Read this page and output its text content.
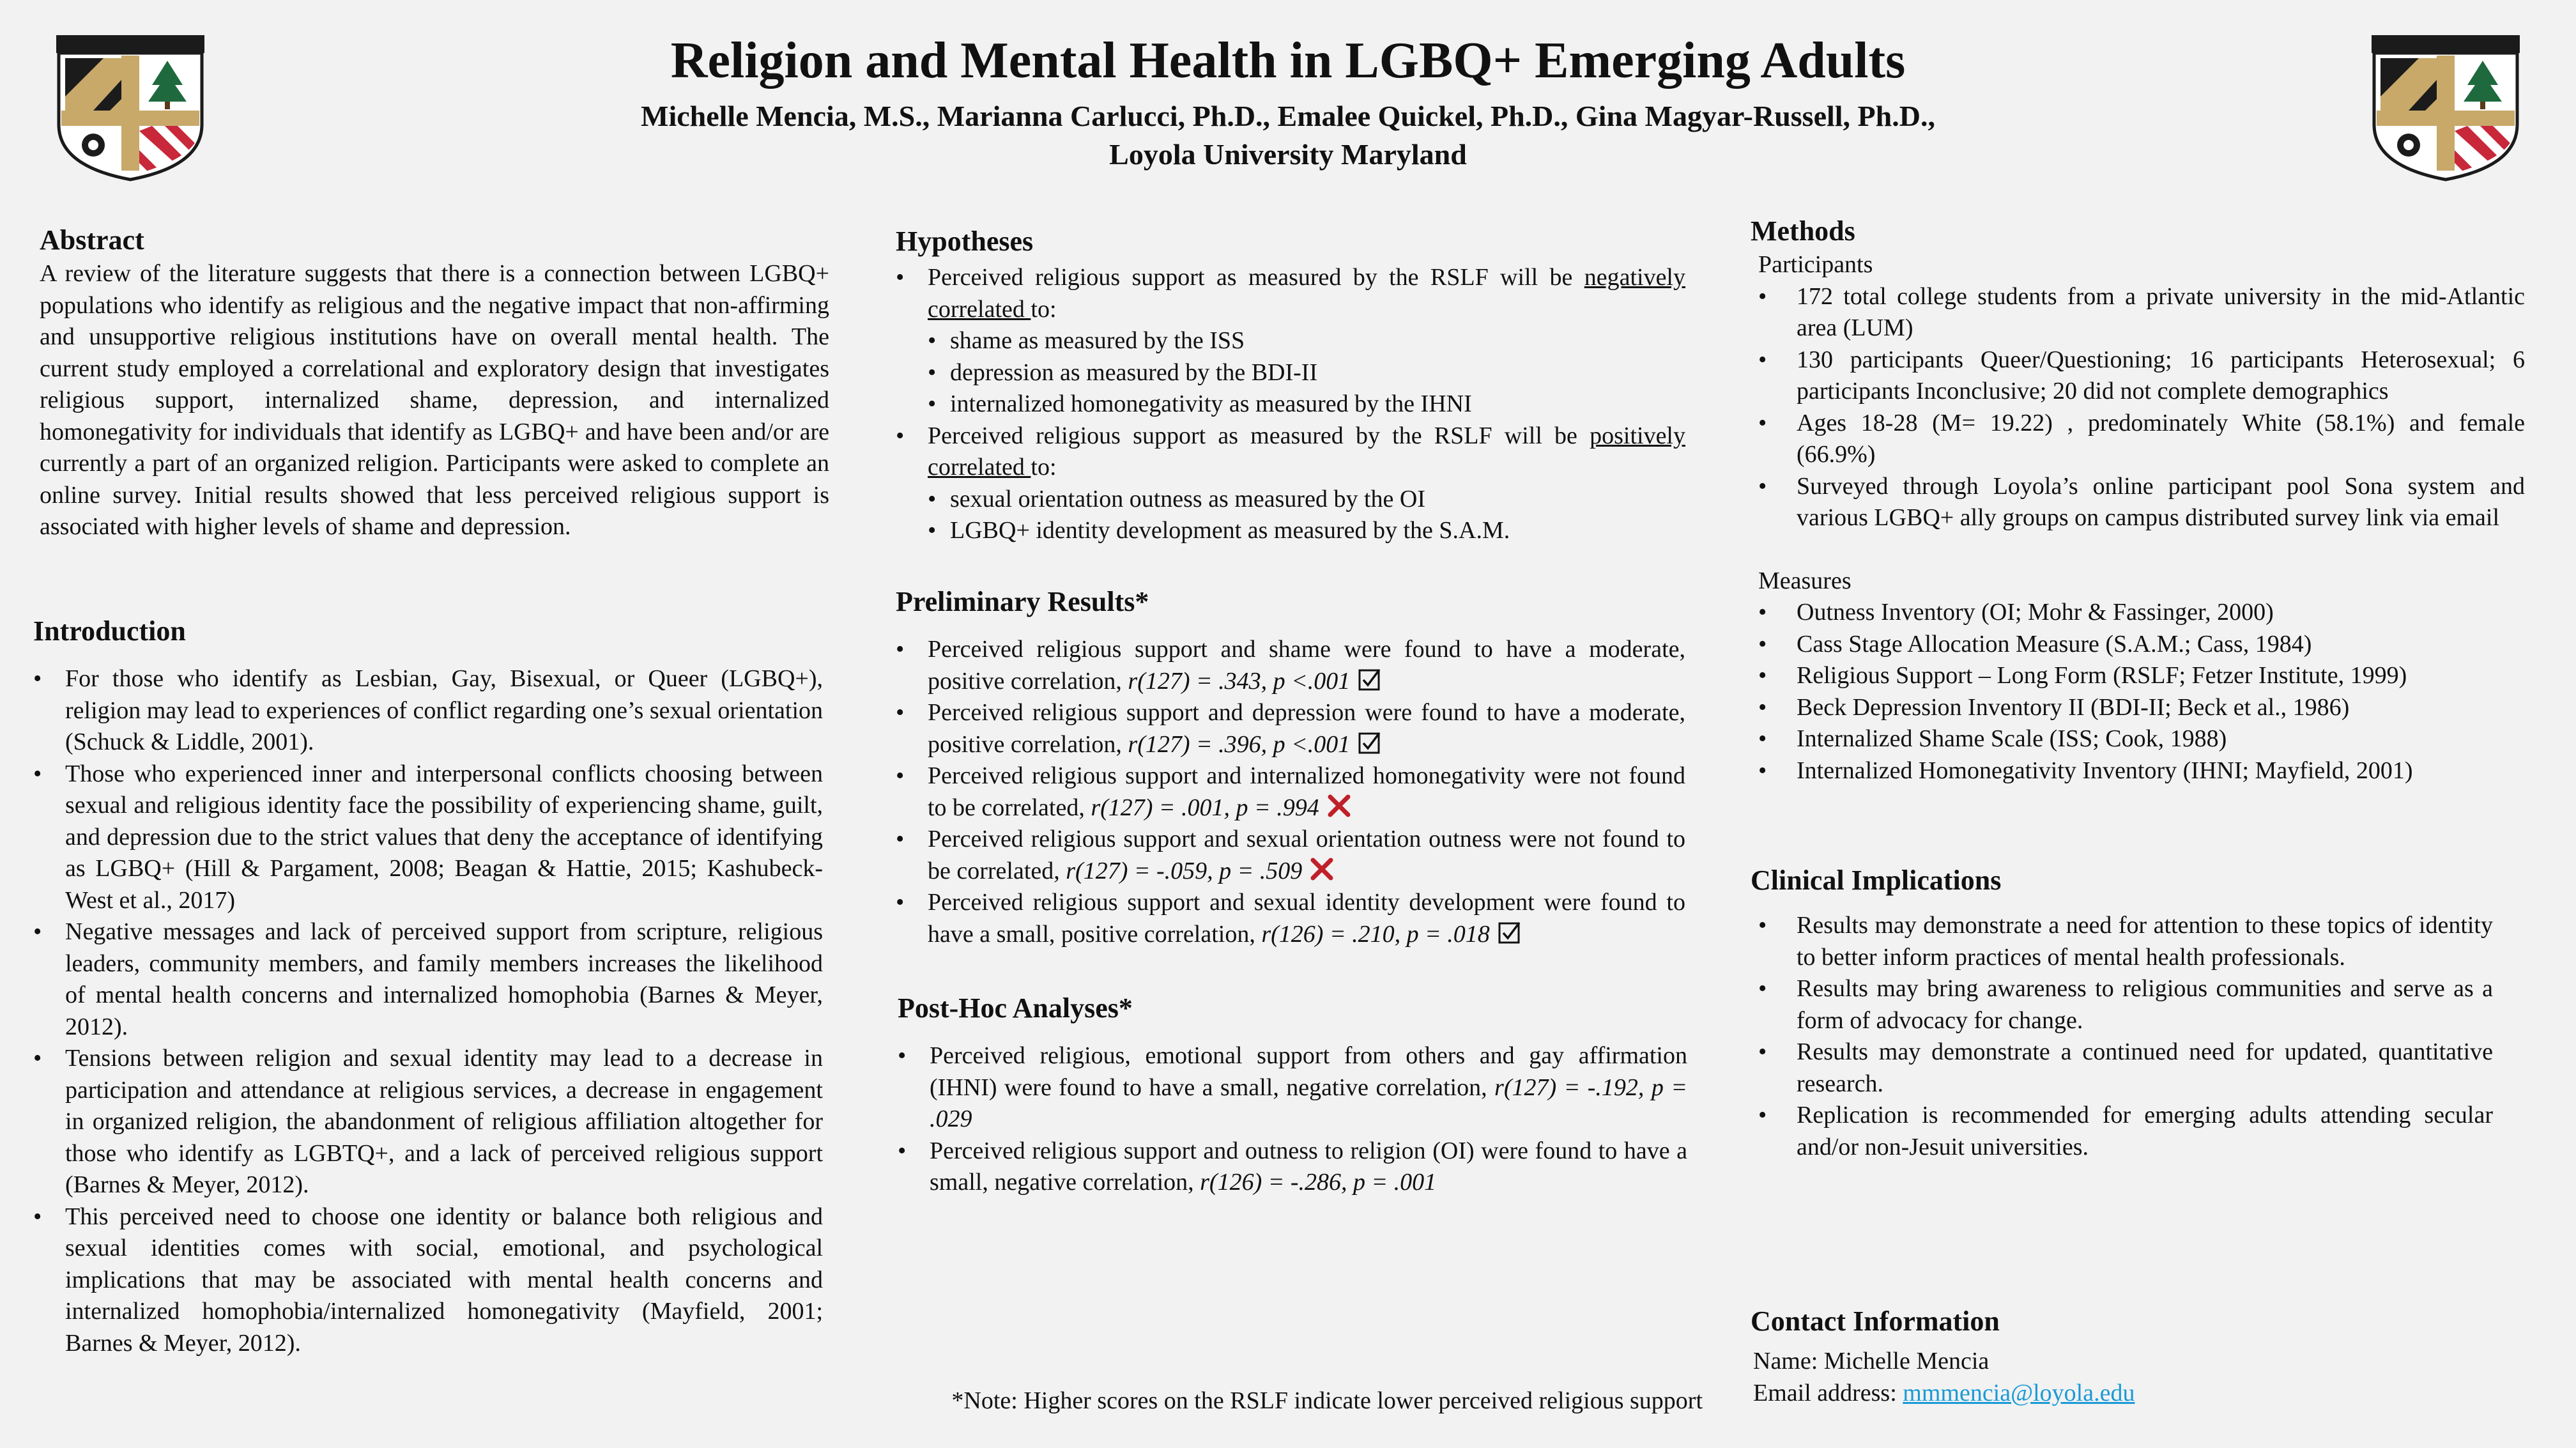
Religion and Mental Health in LGBQ+ Emerging Adults
Michelle Mencia, M.S., Marianna Carlucci, Ph.D., Emalee Quickel, Ph.D., Gina Magyar-Russell, Ph.D.,
Loyola University Maryland
Abstract
A review of the literature suggests that there is a connection between LGBQ+ populations who identify as religious and the negative impact that non-affirming and unsupportive religious institutions have on overall mental health. The current study employed a correlational and exploratory design that investigates religious support, internalized shame, depression, and internalized homonegativity for individuals that identify as LGBQ+ and have been and/or are currently a part of an organized religion. Participants were asked to complete an online survey. Initial results showed that less perceived religious support is associated with higher levels of shame and depression.
Introduction
• For those who identify as Lesbian, Gay, Bisexual, or Queer (LGBQ+), religion may lead to experiences of conflict regarding one’s sexual orientation (Schuck & Liddle, 2001).
• Those who experienced inner and interpersonal conflicts choosing between sexual and religious identity face the possibility of experiencing shame, guilt, and depression due to the strict values that deny the acceptance of identifying as LGBQ+ (Hill & Pargament, 2008; Beagan & Hattie, 2015; Kashubeck-West et al., 2017)
• Negative messages and lack of perceived support from scripture, religious leaders, community members, and family members increases the likelihood of mental health concerns and internalized homophobia (Barnes & Meyer, 2012).
• Tensions between religion and sexual identity may lead to a decrease in participation and attendance at religious services, a decrease in engagement in organized religion, the abandonment of religious affiliation altogether for those who identify as LGBTQ+, and a lack of perceived religious support (Barnes & Meyer, 2012).
• This perceived need to choose one identity or balance both religious and sexual identities comes with social, emotional, and psychological implications that may be associated with mental health concerns and internalized homophobia/internalized homonegativity (Mayfield, 2001; Barnes & Meyer, 2012).
Hypotheses
• Perceived religious support as measured by the RSLF will be negatively correlated to:
• shame as measured by the ISS
• depression as measured by the BDI-II
• internalized homonegativity as measured by the IHNI
• Perceived religious support as measured by the RSLF will be positively correlated to:
• sexual orientation outness as measured by the OI
• LGBQ+ identity development as measured by the S.A.M.
Preliminary Results*
• Perceived religious support and shame were found to have a moderate, positive correlation, r(127) = .343, p <.001
• Perceived religious support and depression were found to have a moderate, positive correlation, r(127) = .396, p <.001
• Perceived religious support and internalized homonegativity were not found to be correlated, r(127) = .001, p = .994
• Perceived religious support and sexual orientation outness were not found to be correlated, r(127) = -.059, p = .509
• Perceived religious support and sexual identity development were found to have a small, positive correlation, r(126) = .210, p = .018
Post-Hoc Analyses*
• Perceived religious, emotional support from others and gay affirmation (IHNI) were found to have a small, negative correlation, r(127) = -.192, p = .029
• Perceived religious support and outness to religion (OI) were found to have a small, negative correlation, r(126) = -.286, p = .001
*Note: Higher scores on the RSLF indicate lower perceived religious support
Methods
Participants
• 172 total college students from a private university in the mid-Atlantic area (LUM)
• 130 participants Queer/Questioning; 16 participants Heterosexual; 6 participants Inconclusive; 20 did not complete demographics
• Ages 18-28 (M= 19.22) , predominately White (58.1%) and female (66.9%)
• Surveyed through Loyola’s online participant pool Sona system and various LGBQ+ ally groups on campus distributed survey link via email
Measures
• Outness Inventory (OI; Mohr & Fassinger, 2000)
• Cass Stage Allocation Measure (S.A.M.; Cass, 1984)
• Religious Support – Long Form (RSLF; Fetzer Institute, 1999)
• Beck Depression Inventory II (BDI-II; Beck et al., 1986)
• Internalized Shame Scale (ISS; Cook, 1988)
• Internalized Homonegativity Inventory (IHNI; Mayfield, 2001)
Clinical Implications
• Results may demonstrate a need for attention to these topics of identity to better inform practices of mental health professionals.
• Results may bring awareness to religious communities and serve as a form of advocacy for change.
• Results may demonstrate a continued need for updated, quantitative research.
• Replication is recommended for emerging adults attending secular and/or non-Jesuit universities.
Contact Information
Name: Michelle Mencia
Email address: mmmencia@loyola.edu
